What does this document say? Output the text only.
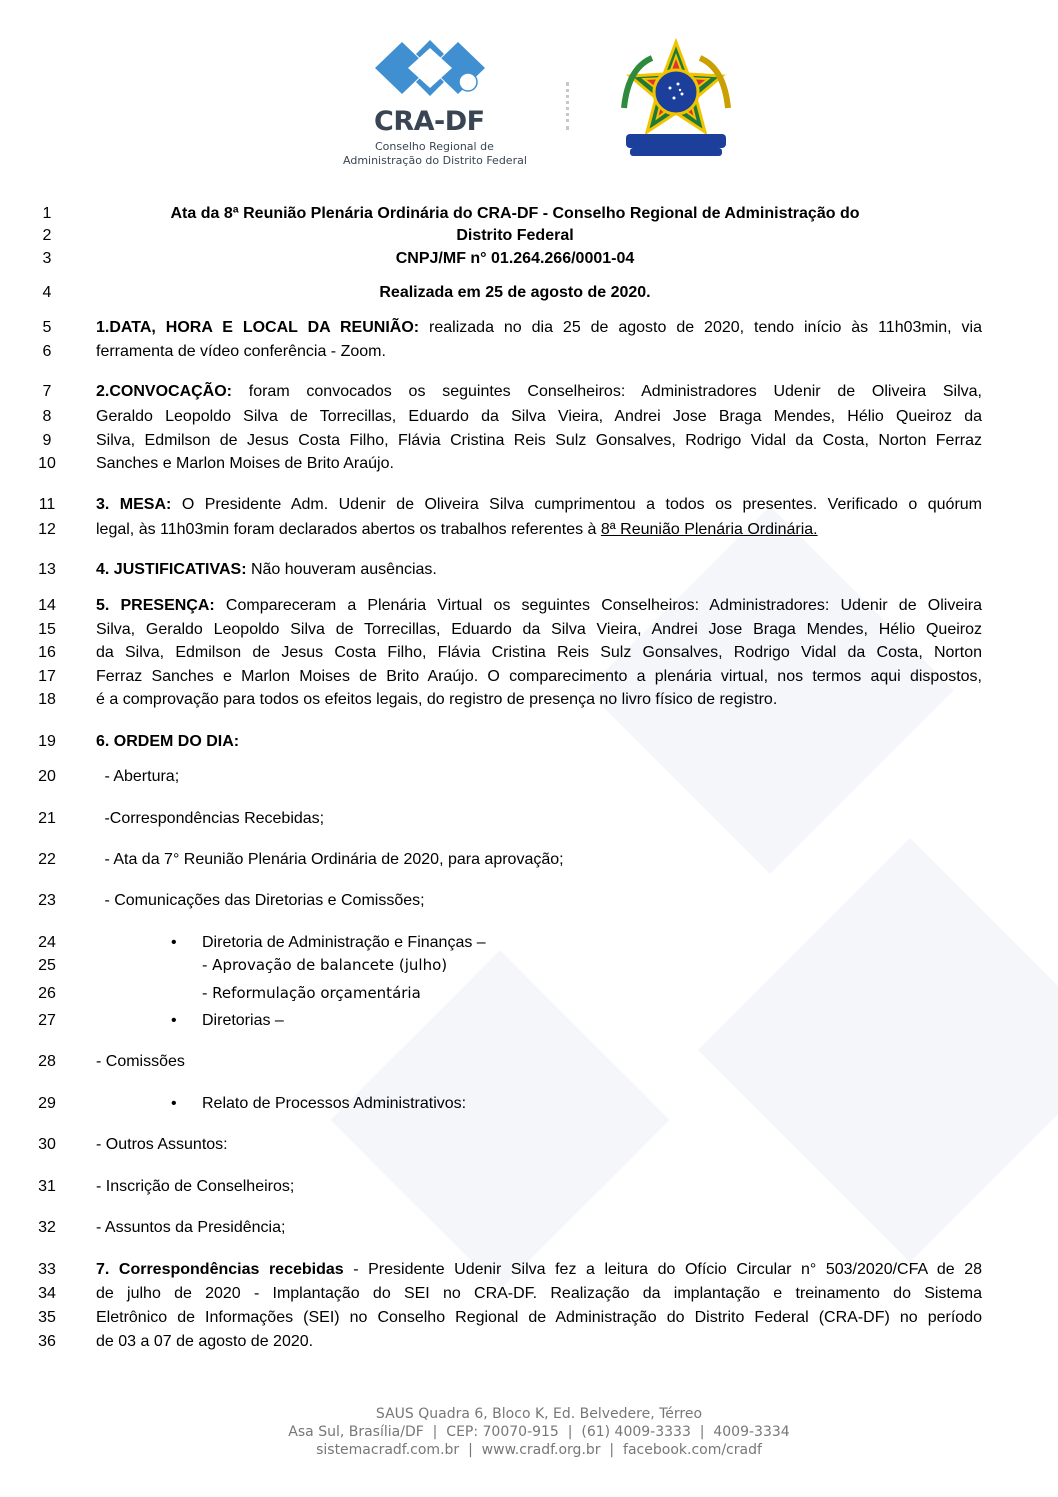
CRA-DF
Conselho Regional de
Administração do Distrito Federal
1
2
3
4
5
6
7
8
9
10
11
12
13
14
15
16
17
18
19
20
21
22
23
24
25
26
27
28
29
30
31
32
33
34
35
36
Ata da 8ª Reunião Plenária Ordinária do CRA-DF - Conselho Regional de Administração do
Distrito Federal
CNPJ/MF n° 01.264.266/0001-04
Realizada em 25 de agosto de 2020.
1.DATA, HORA E LOCAL DA REUNIÃO: realizada no dia 25 de agosto de 2020, tendo início às 11h03min, via
ferramenta de vídeo conferência - Zoom.
2.CONVOCAÇÃO: foram convocados os seguintes Conselheiros: Administradores Udenir de Oliveira Silva,
Geraldo Leopoldo Silva de Torrecillas, Eduardo da Silva Vieira, Andrei Jose Braga Mendes, Hélio Queiroz da
Silva, Edmilson de Jesus Costa Filho, Flávia Cristina Reis Sulz Gonsalves, Rodrigo Vidal da Costa, Norton Ferraz
Sanches e Marlon Moises de Brito Araújo.
3. MESA: O Presidente Adm. Udenir de Oliveira Silva cumprimentou a todos os presentes. Verificado o quórum
legal, às 11h03min foram declarados abertos os trabalhos referentes à 8ª Reunião Plenária Ordinária.
4. JUSTIFICATIVAS: Não houveram ausências.
5. PRESENÇA: Compareceram a Plenária Virtual os seguintes Conselheiros: Administradores: Udenir de Oliveira
Silva, Geraldo Leopoldo Silva de Torrecillas, Eduardo da Silva Vieira, Andrei Jose Braga Mendes, Hélio Queiroz
da Silva, Edmilson de Jesus Costa Filho, Flávia Cristina Reis Sulz Gonsalves, Rodrigo Vidal da Costa, Norton
Ferraz Sanches e Marlon Moises de Brito Araújo. O comparecimento a plenária virtual, nos termos aqui dispostos,
é a comprovação para todos os efeitos legais, do registro de presença no livro físico de registro.
6. ORDEM DO DIA:
- Abertura;
-Correspondências Recebidas;
- Ata da 7° Reunião Plenária Ordinária de 2020, para aprovação;
- Comunicações das Diretorias e Comissões;
• Diretoria de Administração e Finanças –
- Aprovação de balancete (julho)
- Reformulação orçamentária
• Diretorias –
- Comissões
• Relato de Processos Administrativos:
- Outros Assuntos:
- Inscrição de Conselheiros;
- Assuntos da Presidência;
7. Correspondências recebidas - Presidente Udenir Silva fez a leitura do Ofício Circular n° 503/2020/CFA de 28
de julho de 2020 - Implantação do SEI no CRA-DF. Realização da implantação e treinamento do Sistema
Eletrônico de Informações (SEI) no Conselho Regional de Administração do Distrito Federal (CRA-DF) no período
de 03 a 07 de agosto de 2020.
SAUS Quadra 6, Bloco K, Ed. Belvedere, Térreo
Asa Sul, Brasília/DF  |  CEP: 70070-915  |  (61) 4009-3333  |  4009-3334
sistemacradf.com.br  |  www.cradf.org.br  |  facebook.com/cradf
